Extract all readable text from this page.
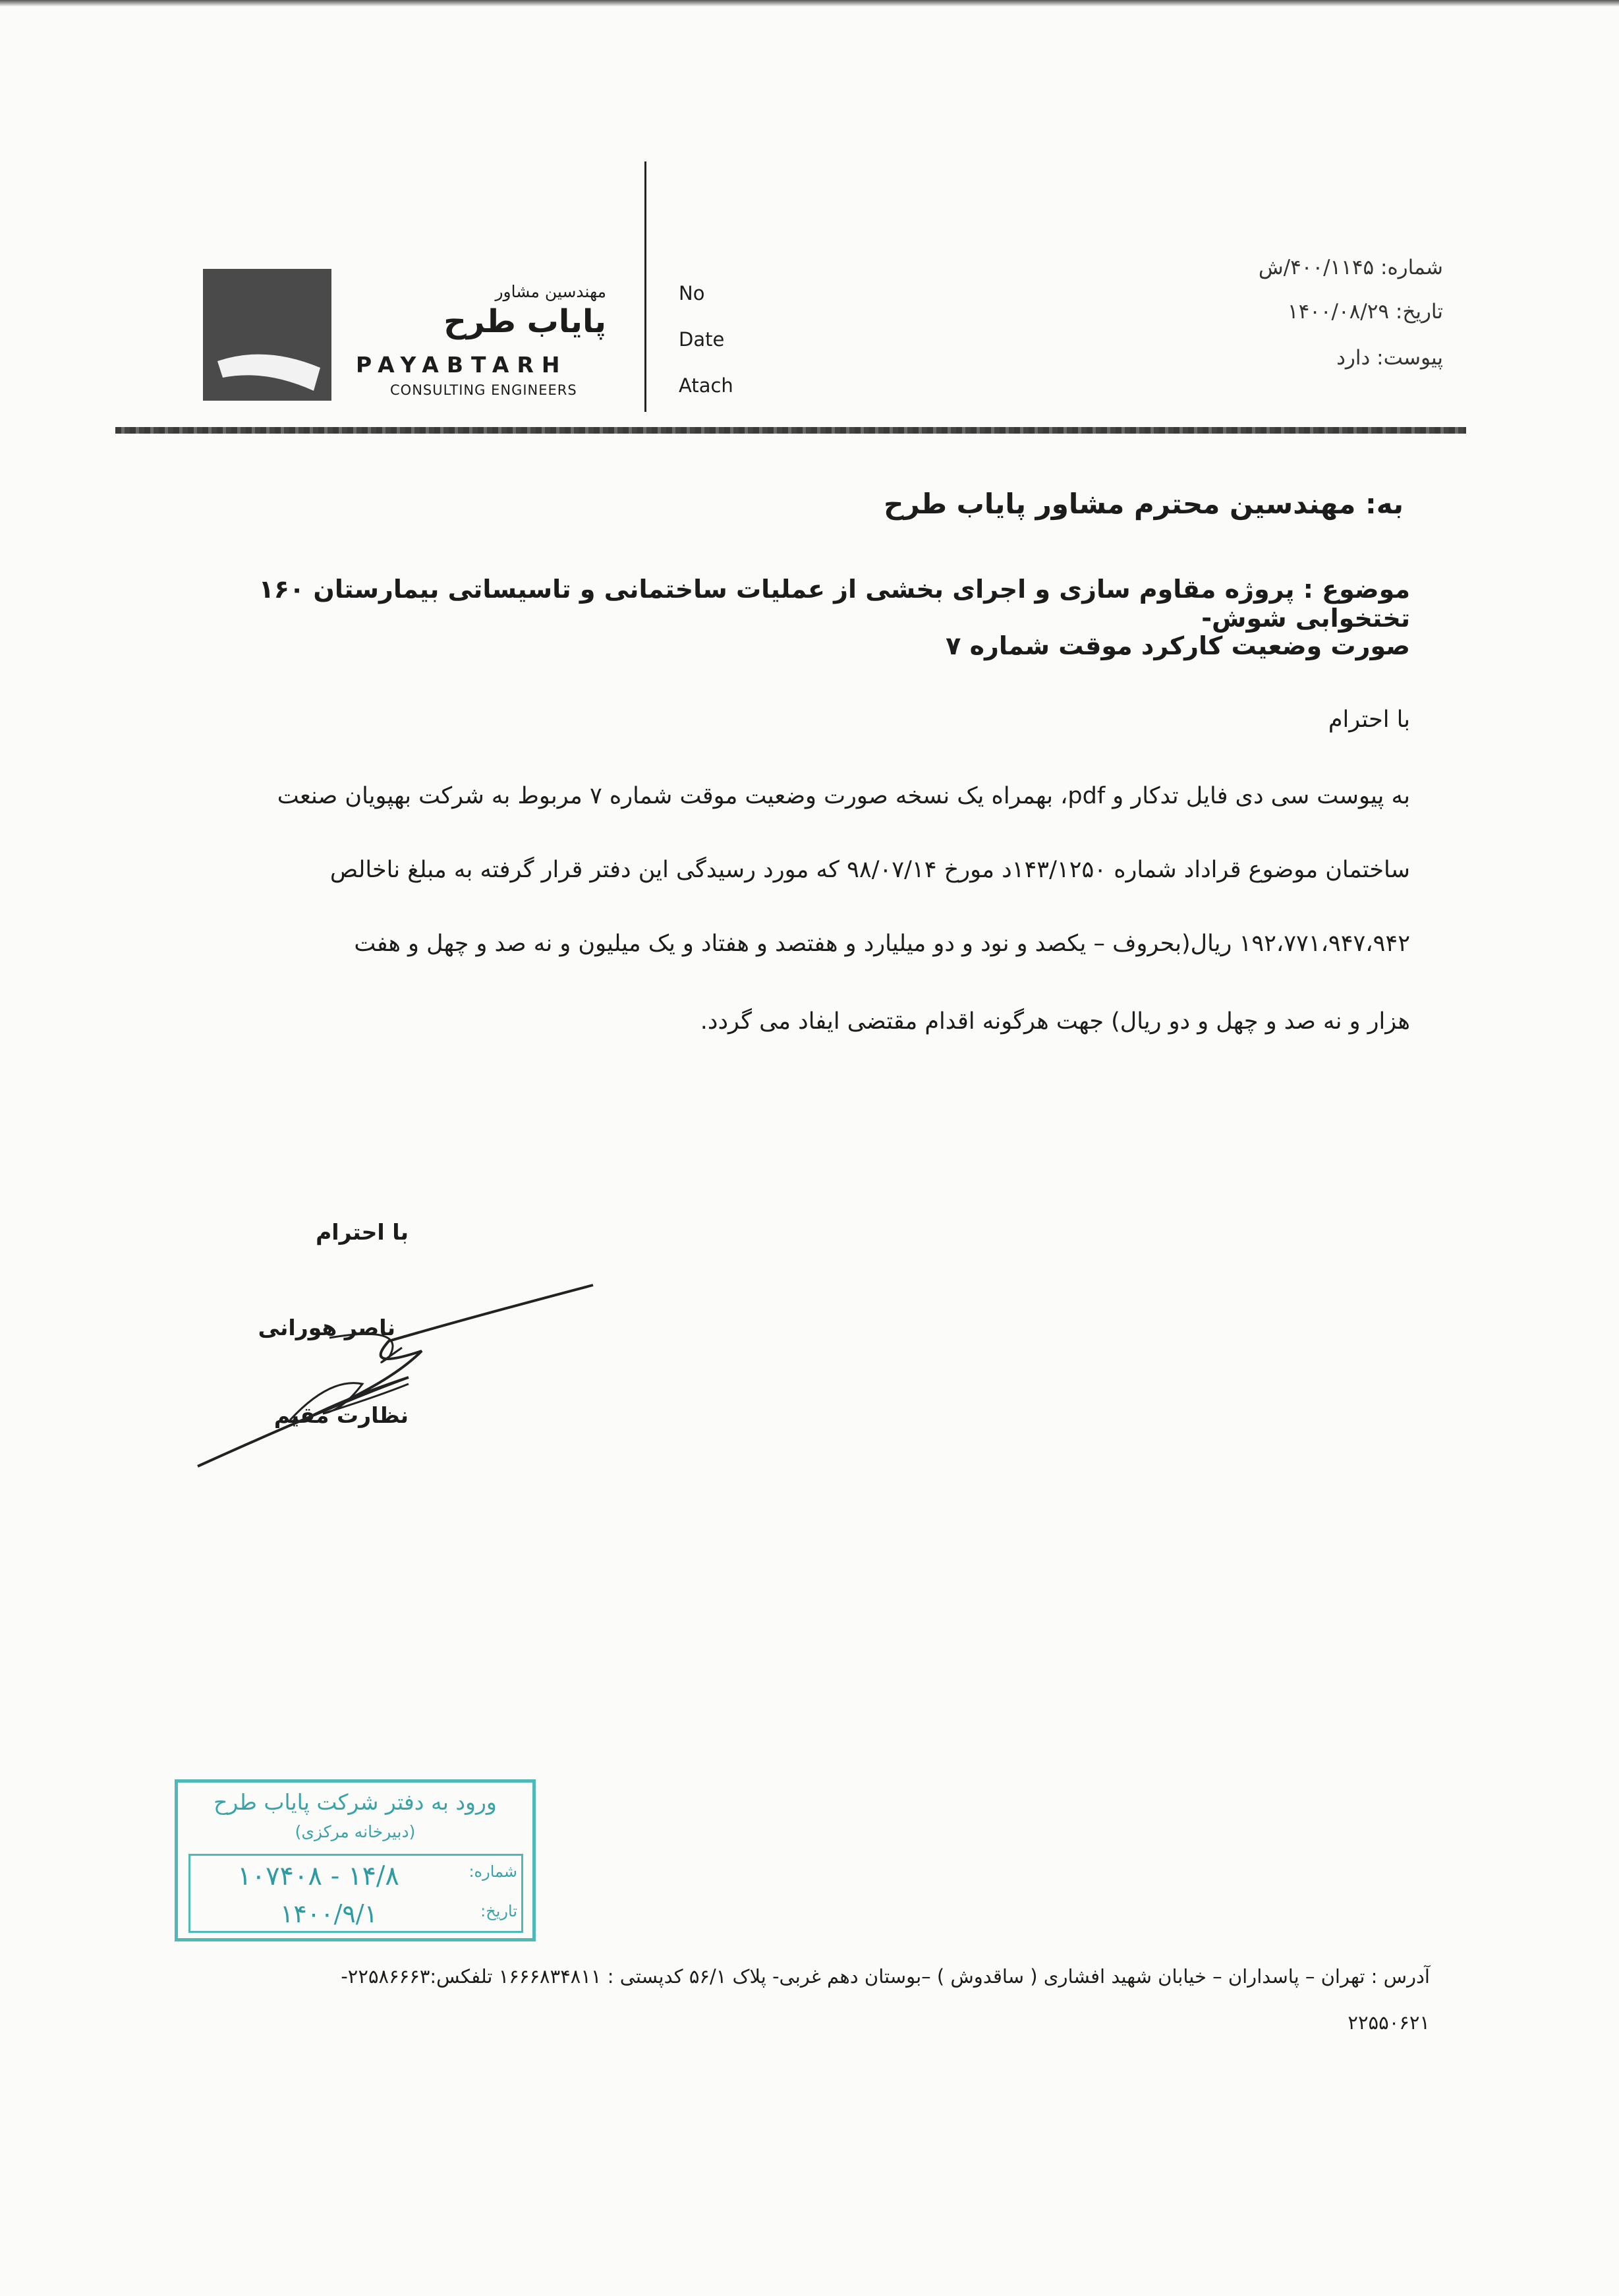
مهندسین مشاور
پایاب طرح
PAYABTARH
CONSULTING ENGINEERS
No
Date
Atach
شماره: ۴۰۰/۱۱۴۵/ش
تاریخ: ۱۴۰۰/۰۸/۲۹
پیوست: دارد
به: مهندسین محترم مشاور پایاب طرح
موضوع : پروژه مقاوم سازی و اجرای بخشی از عملیات ساختمانی و تاسیساتی بیمارستان ۱۶۰ تختخوابی شوش-
صورت وضعیت کارکرد موقت شماره ۷
با احترام
به پیوست سی دی فایل تدکار و pdf، بهمراه یک نسخه صورت وضعیت موقت شماره ۷ مربوط به شرکت بهپویان صنعت
ساختمان موضوع قراداد شماره ۱۴۳/۱۲۵۰د مورخ ۹۸/۰۷/۱۴ که مورد رسیدگی این دفتر قرار گرفته به مبلغ ناخالص
۱۹۲،۷۷۱،۹۴۷،۹۴۲ ریال(بحروف – یکصد و نود و دو میلیارد و هفتصد و هفتاد و یک میلیون و نه صد و چهل و هفت
هزار و نه صد و چهل و دو ریال) جهت هرگونه اقدام مقتضی ایفاد می گردد.
با احترام
ناصر هورانی
نظارت مقیم
ورود به دفتر شرکت پایاب طرح
(دبیرخانه مرکزی)
شماره:
تاریخ:
۱۴/۸ - ۱۰۷۴۰۸
۱۴۰۰/۹/۱
آدرس : تهران – پاسداران – خیابان شهید افشاری ( ساقدوش ) –بوستان دهم غربی- پلاک ۵۶/۱ کدپستی : ۱۶۶۶۸۳۴۸۱۱ تلفکس:۲۲۵۸۶۶۶۳-
۲۲۵۵۰۶۲۱
